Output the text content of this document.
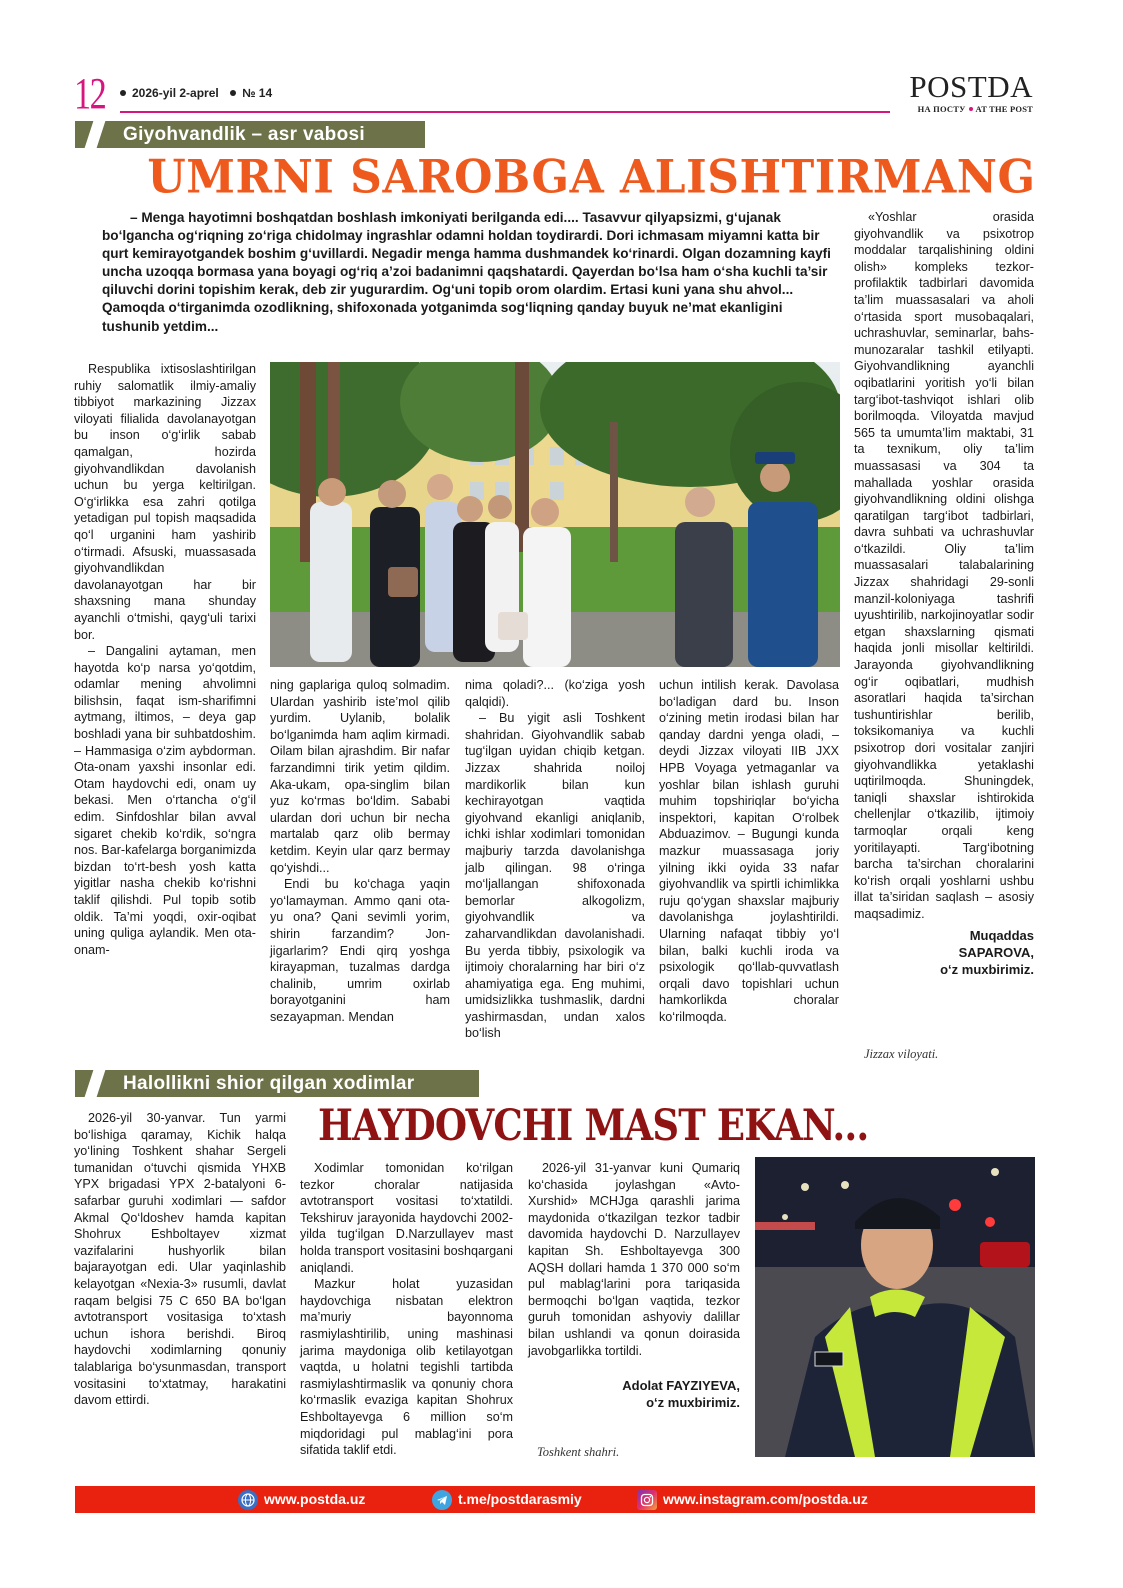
12	2026-yil 2-aprel № 14	POSTDA
НА ПОСТУ AT THE POST
Giyohvandlik – asr vabosi
UMRNI SAROBGA ALISHTIRMANG
– Menga hayotimni boshqatdan boshlash imkoniyati berilganda edi.... Tasavvur qilyapsizmi, g‘ujanak bo‘lgancha og‘riqning zo‘riga chidolmay ingrashlar odamni holdan toydirardi. Dori ichmasam miyamni katta bir qurt kemirayotgandek boshim g‘uvillardi. Negadir menga hamma dushmandek ko‘rinardi. Olgan dozamning kayfi uncha uzoqqa bormasa yana boyagi og‘riq a’zoi badanimni qaqshatardi. Qayerdan bo‘lsa ham o‘sha kuchli ta’sir qiluvchi dorini topishim kerak, deb zir yugurardim. Og‘uni topib orom olardim. Ertasi kuni yana shu ahvol... Qamoqda o‘tirganimda ozodlikning, shifoxonada yotganimda sog‘liqning qanday buyuk ne’mat ekanligini tushunib yetdim...

Respublika ixtisoslashtirilgan ruhiy salomatlik ilmiy-amaliy tibbiyot markazining Jizzax viloyati filialida davolanayotgan bu inson o‘g‘irlik sabab qamalgan, hozirda giyohvandlikdan davolanish uchun bu yerga keltirilgan. O‘g‘irlikka esa zahri qotilga yetadigan pul topish maqsadida qo‘l urganini ham yashirib o‘tirmadi. Afsuski, muassasada giyohvandlikdan davolanayotgan har bir shaxsning mana shunday ayanchli o‘tmishi, qayg‘uli tarixi bor.

– Dangalini aytaman, men hayotda ko‘p narsa yo‘qotdim, odamlar mening ahvolimni bilishsin, faqat ism-sharifimni aytmang, iltimos, – deya gap boshladi yana bir suhbatdoshim. – Hammasiga o‘zim aybdorman. Ota-onam yaxshi insonlar edi. Otam haydovchi edi, onam uy bekasi. Men o‘rtancha o‘g‘il edim. Sinfdoshlar bilan avval sigaret chekib ko‘rdik, so‘ngra nos. Bar-kafelarga borganimizda bizdan to‘rt-besh yosh katta yigitlar nasha chekib ko‘rishni taklif qilishdi. Pul topib sotib oldik. Ta’mi yoqdi, oxir-oqibat uning quliga aylandik. Men ota-onam-

ning gaplariga quloq solmadim. Ulardan yashirib iste’mol qilib yurdim. Uylanib, bolalik bo‘lganimda ham aqlim kirmadi. Oilam bilan ajrashdim. Bir nafar farzandimni tirik yetim qildim. Aka-ukam, opa-singlim bilan yuz ko‘rmas bo‘ldim. Sababi ulardan dori uchun bir necha martalab qarz olib bermay ketdim. Keyin ular qarz bermay qo‘yishdi...

Endi bu ko‘chaga yaqin yo‘lamayman. Ammo qani ota-yu ona? Qani sevimli yorim, shirin farzandim? Jon-jigarlarim? Endi qirq yoshga kirayapman, tuzalmas dardga chalinib, umrim oxirlab borayotganini ham sezayapman. Mendan

nima qoladi?... (ko‘ziga yosh qalqidi).

– Bu yigit asli Toshkent shahridan. Giyohvandlik sabab tug‘ilgan uyidan chiqib ketgan. Jizzax shahrida noiloj mardikorlik bilan kun kechirayotgan vaqtida giyohvand ekanligi aniqlanib, ichki ishlar xodimlari tomonidan majburiy tarzda davolanishga jalb qilingan. 98 o‘ringa mo‘ljallangan shifoxonada bemorlar alkogolizm, giyohvandlik va zaharvandlikdan davolanishadi. Bu yerda tibbiy, psixologik va ijtimoiy choralarning har biri o‘z ahamiyatiga ega. Eng muhimi, umidsizlikka tushmaslik, dardni yashirmasdan, undan xalos bo‘lish

uchun intilish kerak. Davolasa bo‘ladigan dard bu. Inson o‘zining metin irodasi bilan har qanday dardni yenga oladi, – deydi Jizzax viloyati IIB JXX HPB Voyaga yetmaganlar va yoshlar bilan ishlash guruhi muhim topshiriqlar bo‘yicha inspektori, kapitan O‘rolbek Abduazimov. – Bugungi kunda mazkur muassasaga joriy yilning ikki oyida 33 nafar giyohvandlik va spirtli ichimlikka ruju qo‘ygan shaxslar majburiy davolanishga joylashtirildi. Ularning nafaqat tibbiy yo‘l bilan, balki kuchli iroda va psixologik qo‘llab-quvvatlash orqali davo topishlari uchun hamkorlikda choralar ko‘rilmoqda.

«Yoshlar orasida giyohvandlik va psixotrop moddalar tarqalishining oldini olish» kompleks tezkor-profilaktik tadbirlari davomida ta’lim muassasalari va aholi o‘rtasida sport musobaqalari, uchrashuvlar, seminarlar, bahs-munozaralar tashkil etilyapti. Giyohvandlikning ayanchli oqibatlarini yoritish yo‘li bilan targ‘ibot-tashviqot ishlari olib borilmoqda. Viloyatda mavjud 565 ta umumta’lim maktabi, 31 ta texnikum, oliy ta’lim muassasasi va 304 ta mahallada yoshlar orasida giyohvandlikning oldini olishga qaratilgan targ‘ibot tadbirlari, davra suhbati va uchrashuvlar o‘tkazildi. Oliy ta’lim muassasalari talabalarining Jizzax shahridagi 29-sonli manzil-koloniyaga tashrifi uyushtirilib, narkojinoyatlar sodir etgan shaxslarning qismati haqida jonli misollar keltirildi. Jarayonda giyohvandlikning og‘ir oqibatlari, mudhish asoratlari haqida ta’sirchan tushuntirishlar berilib, toksikomaniya va kuchli psixotrop dori vositalar zanjiri giyohvandlikka yetaklashi uqtirilmoqda. Shuningdek, taniqli shaxslar ishtirokida chellenjlar o‘tkazilib, ijtimoiy tarmoqlar orqali keng yoritilayapti. Targ‘ibotning barcha ta’sirchan choralarini ko‘rish orqali yoshlarni ushbu illat ta’siridan saqlash – asosiy maqsadimiz.

Muqaddas
SAPAROVA,
o‘z muxbirimiz.
Jizzax viloyati.
Halollikni shior qilgan xodimlar
HAYDOVCHI MAST EKAN...

2026-yil 30-yanvar. Tun yarmi bo‘lishiga qaramay, Kichik halqa yo‘lining Toshkent shahar Sergeli tumanidan o‘tuvchi qismida YHXB YPX brigadasi YPX 2-batalyoni 6-safarbar guruhi xodimlari — safdor Akmal Qo‘ldoshev hamda kapitan Shohrux Eshboltayev xizmat vazifalarini hushyorlik bilan bajarayotgan edi. Ular yaqinlashib kelayotgan «Nexia-3» rusumli, davlat raqam belgisi 75 C 650 BA bo‘lgan avtotransport vositasiga to‘xtash uchun ishora berishdi. Biroq haydovchi xodimlarning qonuniy talablariga bo‘ysunmasdan, transport vositasini to‘xtatmay, harakatini davom ettirdi.

Xodimlar tomonidan ko‘rilgan tezkor choralar natijasida avtotransport vositasi to‘xtatildi. Tekshiruv jarayonida haydovchi 2002-yilda tug‘ilgan D.Narzullayev mast holda transport vositasini boshqargani aniqlandi.

Mazkur holat yuzasidan haydovchiga nisbatan elektron ma’muriy bayonnoma rasmiylashtirilib, uning mashinasi jarima maydoniga olib ketilayotgan vaqtda, u holatni tegishli tartibda rasmiylashtirmaslik va qonuniy chora ko‘rmaslik evaziga kapitan Shohrux Eshboltayevga 6 million so‘m miqdoridagi pul mablag‘ini pora sifatida taklif etdi.

2026-yil 31-yanvar kuni Qumariq ko‘chasida joylashgan «Avto-Xurshid» MCHJga qarashli jarima maydonida o‘tkazilgan tezkor tadbir davomida haydovchi D. Narzullayev kapitan Sh. Eshboltayevga 300 AQSH dollari hamda 1 370 000 so‘m pul mablag‘larini pora tariqasida bermoqchi bo‘lgan vaqtida, tezkor guruh tomonidan ashyoviy dalillar bilan ushlandi va qonun doirasida javobgarlikka tortildi.

Adolat FAYZIYEVA,
o‘z muxbirimiz.
Toshkent shahri.
www.postda.uz	t.me/postdarasmiy	www.instagram.com/postda.uz
